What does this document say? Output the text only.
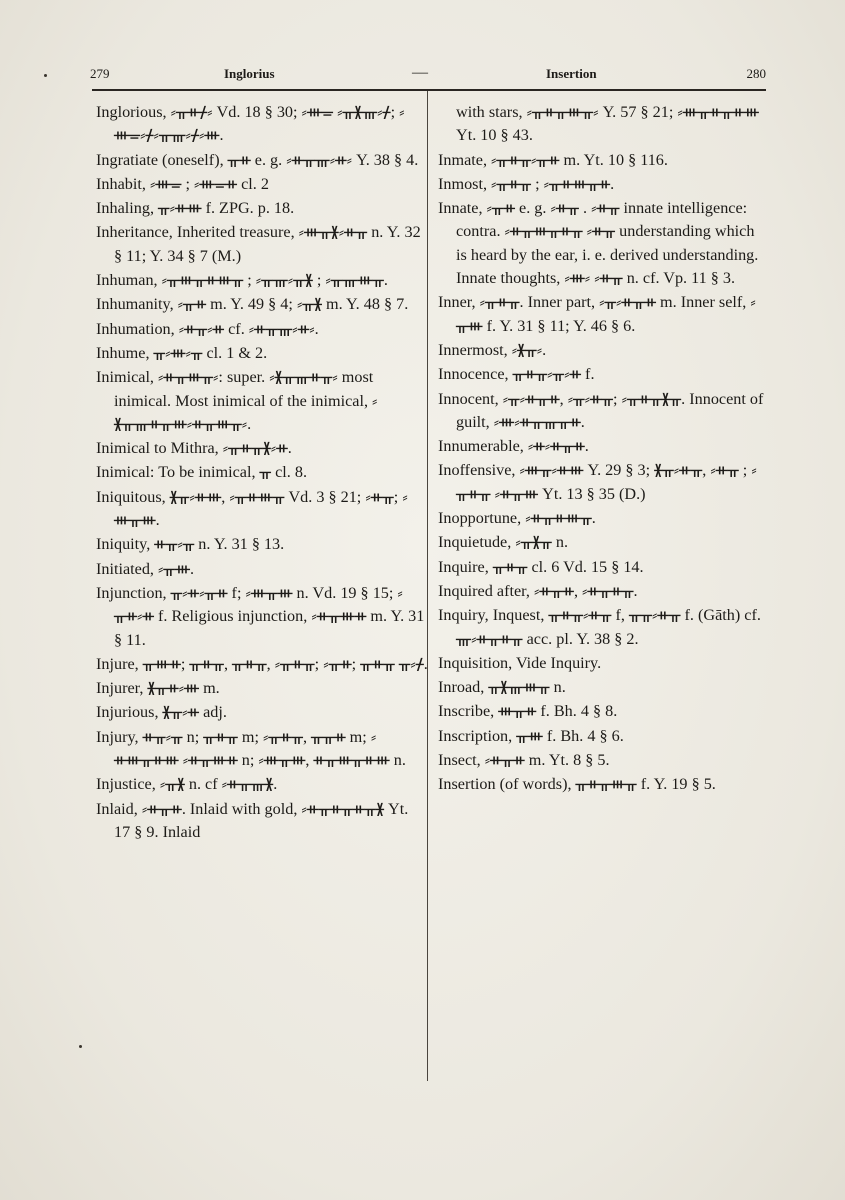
279	Inglorius	—	Insertion	280
Inglorious, ⸗ᚂᚑᚋ⸗ Vd. 18 § 30; ⸗ᚒᚚ ⸗ᚂᚕᚃ⸗ᚋ; ⸗ᚒᚚ⸗ᚋ⸗ᚂᚃ⸗ᚋ⸗ᚒ.
Ingratiate (oneself), ᚂᚑ e. g. ⸗ᚑᚂᚃ⸗ᚑ⸗ Y. 38 § 4.
Inhabit, ⸗ᚒᚚ ; ⸗ᚒᚚᚑ cl. 2
Inhaling, ᚂ⸗ᚑᚒ f. ZPG. p. 18.
Inheritance, Inherited treasure, ⸗ᚒᚂᚕ⸗ᚑᚂ n. Y. 32 § 11; Y. 34 § 7 (M.)
Inhuman, ⸗ᚂᚒᚂᚑᚒᚂ ; ⸗ᚂᚃ⸗ᚂᚕ ; ⸗ᚂᚃᚒᚂ.
Inhumanity, ⸗ᚂᚑ m. Y. 49 § 4; ⸗ᚂᚕ m. Y. 48 § 7.
Inhumation, ⸗ᚑᚂ⸗ᚑ cf. ⸗ᚑᚂᚃ⸗ᚑ⸗.
Inhume, ᚂ⸗ᚒ⸗ᚂ cl. 1 & 2.
Inimical, ⸗ᚑᚂᚒᚂ⸗: super. ⸗ᚕᚂᚃᚑᚂ⸗ most inimical. Most inimical of the inimical, ⸗ᚕᚂᚃᚑᚂᚒ⸗ᚑᚂᚒᚂ⸗.
Inimical to Mithra, ⸗ᚂᚑᚂᚕ⸗ᚑ.
Inimical: To be inimical, ᚂ cl. 8.
Iniquitous, ᚕᚂ⸗ᚑᚒ, ⸗ᚂᚑᚒᚂ Vd. 3 § 21; ⸗ᚑᚂ; ⸗ᚒᚂᚒ.
Iniquity, ᚑᚂ⸗ᚂ n. Y. 31 § 13.
Initiated, ⸗ᚂᚒ.
Injunction, ᚂ⸗ᚑ⸗ᚂᚑ f; ⸗ᚒᚂᚒ n. Vd. 19 § 15; ⸗ᚂᚑ⸗ᚑ f. Religious injunction, ⸗ᚑᚂᚒᚑ m. Y. 31 § 11.
Injure, ᚂᚒᚑ; ᚂᚑᚂ, ᚂᚑᚂ, ⸗ᚂᚑᚂ; ⸗ᚂᚑ; ᚂᚑᚂ ᚂ⸗ᚋ.
Injurer, ᚕᚂᚑ⸗ᚒ m.
Injurious, ᚕᚂ⸗ᚑ adj.
Injury, ᚑᚂ⸗ᚂ n; ᚂᚑᚂ m; ⸗ᚂᚑᚂ, ᚂᚂᚑ m; ⸗ᚑᚒᚂᚑᚒ ⸗ᚑᚂᚒᚑ n; ⸗ᚒᚂᚒ, ᚑᚂᚒᚂᚑᚒ n.
Injustice, ⸗ᚂᚕ n. cf ⸗ᚑᚂᚃᚕ.
Inlaid, ⸗ᚑᚂᚑ. Inlaid with gold, ⸗ᚑᚂᚑᚂᚑᚂᚕ Yt. 17 § 9. Inlaid
with stars, ⸗ᚂᚑᚂᚒᚂ⸗ Y. 57 § 21; ⸗ᚒᚂᚑᚂᚑᚒ Yt. 10 § 43.
Inmate, ⸗ᚂᚑᚂ⸗ᚂᚑ m. Yt. 10 § 116.
Inmost, ⸗ᚂᚑᚂ ; ⸗ᚂᚑᚒᚂᚑ.
Innate, ⸗ᚂᚑ e. g. ⸗ᚑᚂ . ⸗ᚑᚂ innate intelligence: contra. ⸗ᚑᚂᚒᚂᚑᚂ ⸗ᚑᚂ understanding which is heard by the ear, i. e. derived understanding. Innate thoughts, ⸗ᚒ⸗ ⸗ᚑᚂ n. cf. Vp. 11 § 3.
Inner, ⸗ᚂᚑᚂ. Inner part, ⸗ᚂ⸗ᚑᚂᚑ m. Inner self, ⸗ᚂᚒ f. Y. 31 § 11; Y. 46 § 6.
Innermost, ⸗ᚕᚂ⸗.
Innocence, ᚂᚑᚂ⸗ᚂ⸗ᚑ f.
Innocent, ⸗ᚂ⸗ᚑᚂᚑ, ⸗ᚂ⸗ᚑᚂ; ⸗ᚂᚑᚂᚕᚂ. Innocent of guilt, ⸗ᚒ⸗ᚑᚂᚃᚂᚑ.
Innumerable, ⸗ᚑ⸗ᚑᚂᚑ.
Inoffensive, ⸗ᚒᚂ⸗ᚑᚒ Y. 29 § 3; ᚕᚂ⸗ᚑᚂ, ⸗ᚑᚂ ; ⸗ᚂᚑᚂ ⸗ᚑᚂᚒ Yt. 13 § 35 (D.)
Inopportune, ⸗ᚑᚂᚑᚒᚂ.
Inquietude, ⸗ᚂᚕᚂ n.
Inquire, ᚂᚑᚂ cl. 6 Vd. 15 § 14.
Inquired after, ⸗ᚑᚂᚑ, ⸗ᚑᚂᚑᚂ.
Inquiry, Inquest, ᚂᚑᚂ⸗ᚑᚂ f, ᚂᚂ⸗ᚑᚂ f. (Gāth) cf. ᚃ⸗ᚑᚂᚑᚂ acc. pl. Y. 38 § 2.
Inquisition, Vide Inquiry.
Inroad, ᚂᚕᚃᚒᚂ n.
Inscribe, ᚒᚂᚑ f. Bh. 4 § 8.
Inscription, ᚂᚒ f. Bh. 4 § 6.
Insect, ⸗ᚑᚂᚑ m. Yt. 8 § 5.
Insertion (of words), ᚂᚑᚂᚒᚂ f. Y. 19 § 5.
